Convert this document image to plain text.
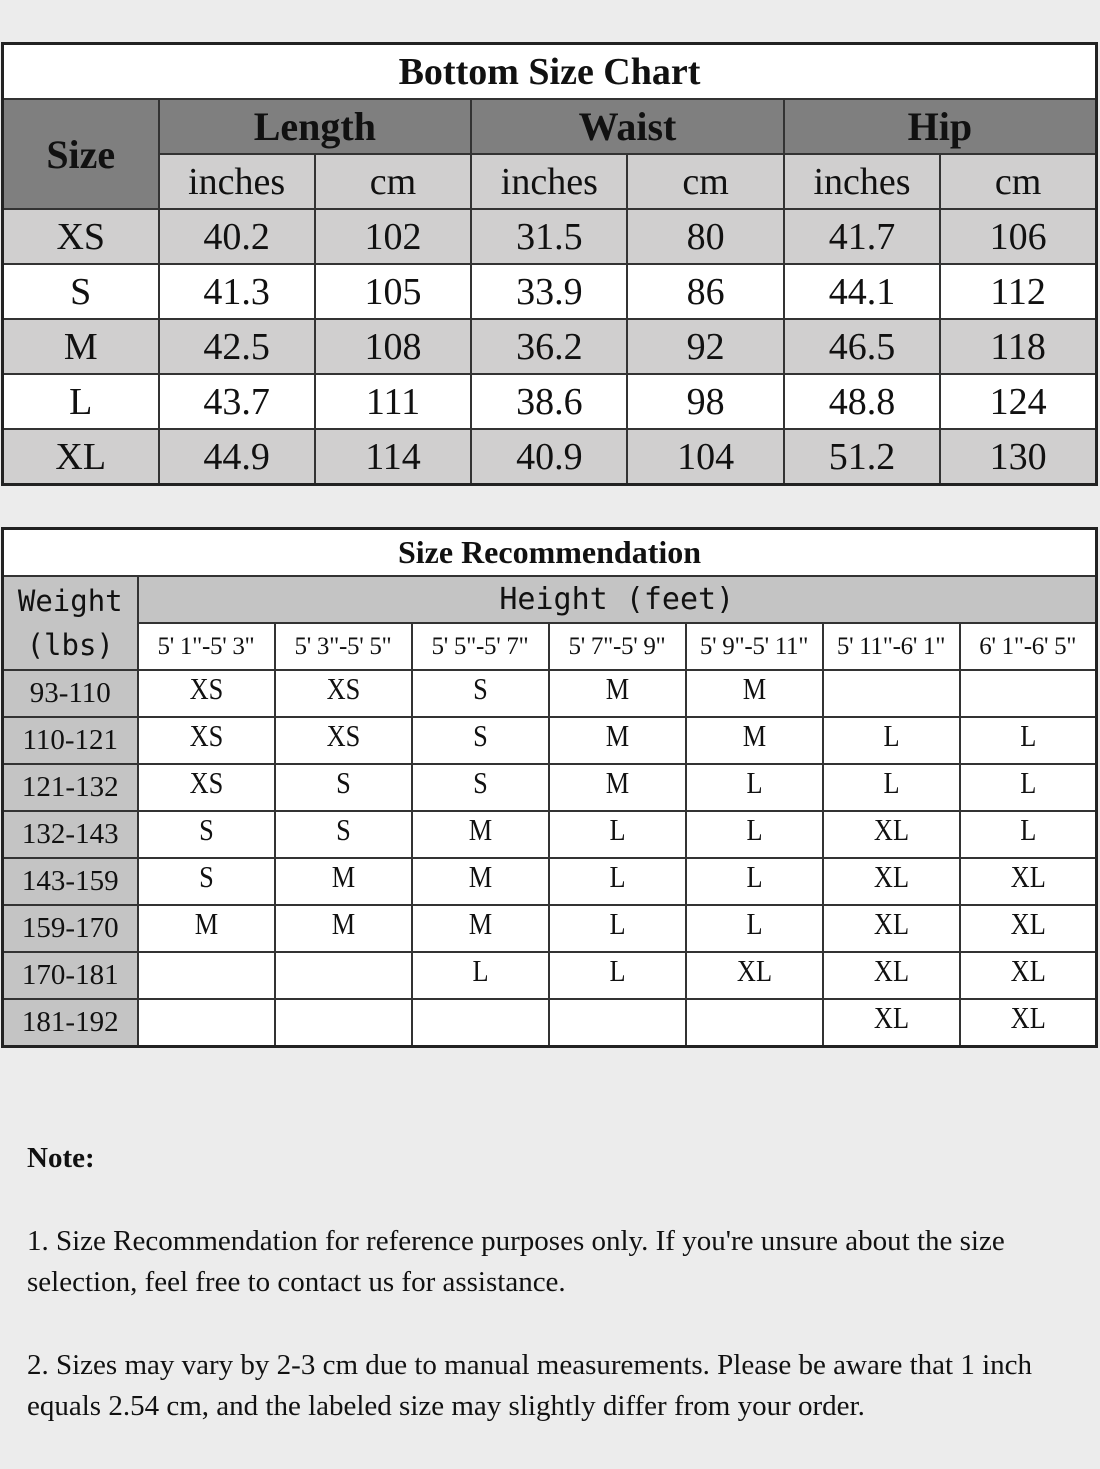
Bottom Size Chart						
Size	Length		Waist		Hip	
	inches	cm	inches	cm	inches	cm
XS	40.2	102	31.5	80	41.7	106
S	41.3	105	33.9	86	44.1	112
M	42.5	108	36.2	92	46.5	118
L	43.7	111	38.6	98	48.8	124
XL	44.9	114	40.9	104	51.2	130
Size Recommendation							

Weight
(lbs)	Height (feet)						
	5' 1"-5' 3"	5' 3"-5' 5"	5' 5"-5' 7"	5' 7"-5' 9"	5' 9"-5' 11"	5' 11"-6' 1"	6' 1"-6' 5"
93-110	XS	XS	S	M	M		

110-121	XS	XS	S	M	M	L	L

121-132	XS	S	S	M	L	L	L

132-143	S	S	M	L	L	XL	L

143-159	S	M	M	L	L	XL	XL

159-170	M	M	M	L	L	XL	XL

170-181			L	L	XL	XL	XL

181-192						XL	XL
Note:
1. Size Recommendation for reference purposes only. If you're unsure about the size selection, feel free to contact us for assistance.
2. Sizes may vary by 2-3 cm due to manual measurements. Please be aware that 1 inch equals 2.54 cm, and the labeled size may slightly differ from your order.
